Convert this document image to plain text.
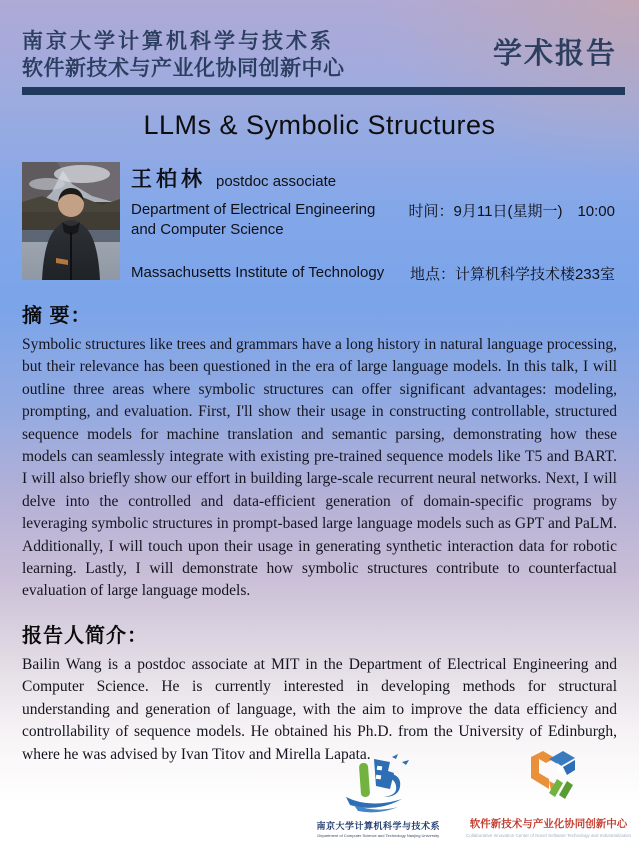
南京大学计算机科学与技术系
软件新技术与产业化协同创新中心	学术报告
LLMs & Symbolic Structures
王柏林 postdoc associate
Department of Electrical Engineering
and Computer Science
时间：9月11日(星期一)　10:00
Massachusetts Institute of Technology 地点：计算机科学技术楼233室
摘 要：
Symbolic structures like trees and grammars have a long history in natural language processing, but their relevance has been questioned in the era of large language models. In this talk, I will outline three areas where symbolic structures can offer significant advantages: modeling, prompting, and evaluation. First, I'll show their usage in constructing controllable, structured sequence models for machine translation and semantic parsing, demonstrating how these models can seamlessly integrate with existing pre-trained sequence models like T5 and BART. I will also briefly show our effort in building large-scale recurrent neural networks. Next, I will delve into the controlled and data-efficient generation of domain-specific programs by leveraging symbolic structures in prompt-based large language models such as GPT and PaLM. Additionally, I will touch upon their usage in generating synthetic interaction data for robotic learning. Lastly, I will demonstrate how symbolic structures contribute to counterfactual evaluation of large language models.
报告人简介：
Bailin Wang is a postdoc associate at MIT in the Department of Electrical Engineering and Computer Science. He is currently interested in developing methods for structural understanding and generation of language, with the aim to improve the data efficiency and controllability of sequence models. He obtained his Ph.D. from the University of Edinburgh, where he was advised by Ivan Titov and Mirella Lapata.
南京大学计算机科学与技术系
Department of Computer Science and Technology Nanjing University
软件新技术与产业化协同创新中心
Collaborative Innovation Center of Novel Software Technology and Industrialization
